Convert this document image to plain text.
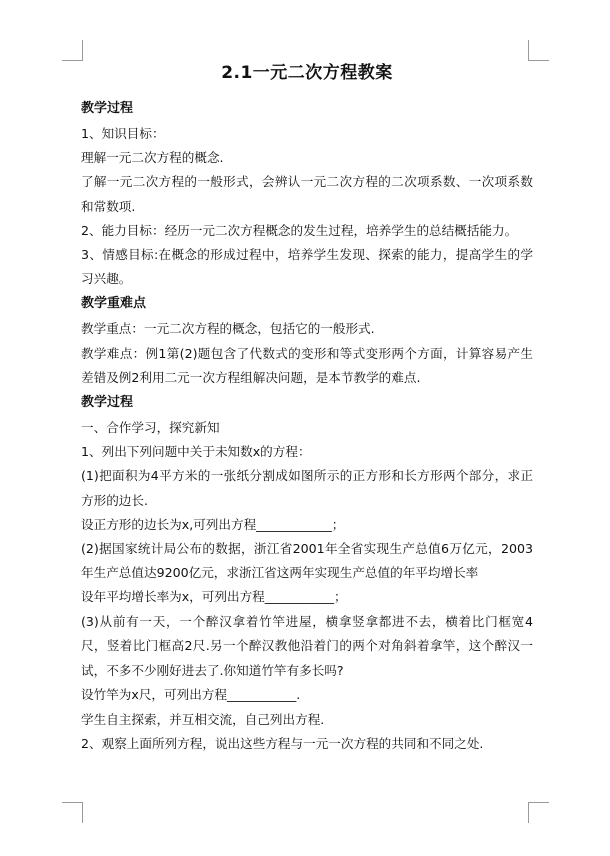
2.1一元二次方程教案
教学过程
1、知识目标：
理解一元二次方程的概念.
了解一元二次方程的一般形式，会辨认一元二次方程的二次项系数、一次项系数和常数项.
2、能力目标：经历一元二次方程概念的发生过程，培养学生的总结概括能力。
3、情感目标:在概念的形成过程中，培养学生发现、探索的能力，提高学生的学习兴趣。
教学重难点
教学重点：一元二次方程的概念，包括它的一般形式.
教学难点：例1第(2)题包含了代数式的变形和等式变形两个方面，计算容易产生差错及例2利用二元一次方程组解决问题，是本节教学的难点.
教学过程
一、合作学习，探究新知
1、列出下列问题中关于未知数x的方程：
(1)把面积为4平方米的一张纸分割成如图所示的正方形和长方形两个部分，求正方形的边长.
设正方形的边长为x,可列出方程____________；
(2)据国家统计局公布的数据，浙江省2001年全省实现生产总值6万亿元，2003年生产总值达9200亿元，求浙江省这两年实现生产总值的年平均增长率
设年平均增长率为x，可列出方程___________；
(3)从前有一天，一个醉汉拿着竹竿进屋，横拿竖拿都进不去，横着比门框宽4尺，竖着比门框高2尺.另一个醉汉教他沿着门的两个对角斜着拿竿，这个醉汉一试，不多不少刚好进去了.你知道竹竿有多长吗?
设竹竿为x尺，可列出方程___________.
学生自主探索，并互相交流，自己列出方程.
2、观察上面所列方程，说出这些方程与一元一次方程的共同和不同之处.
